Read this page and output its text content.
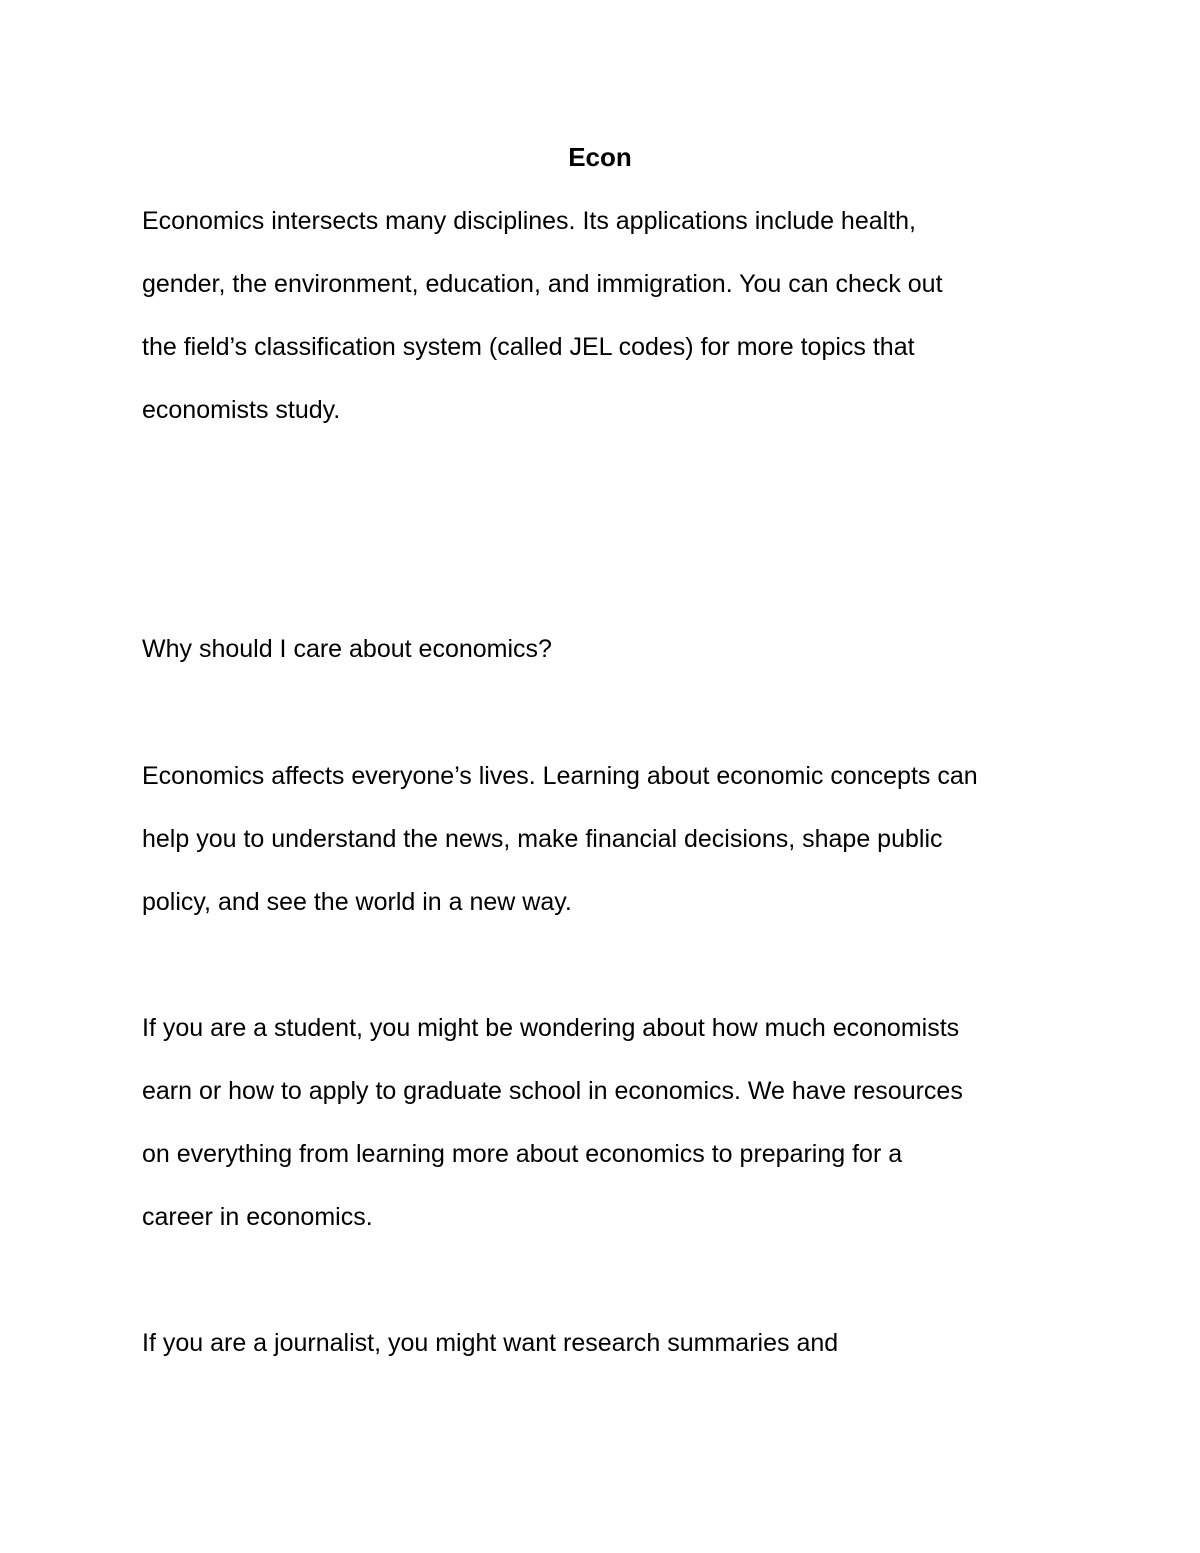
Econ

Economics intersects many disciplines. Its applications include health,
gender, the environment, education, and immigration. You can check out
the field’s classification system (called JEL codes) for more topics that
economists study.

Why should I care about economics?

Economics affects everyone’s lives. Learning about economic concepts can
help you to understand the news, make financial decisions, shape public
policy, and see the world in a new way.

If you are a student, you might be wondering about how much economists
earn or how to apply to graduate school in economics. We have resources
on everything from learning more about economics to preparing for a
career in economics.

If you are a journalist, you might want research summaries and
